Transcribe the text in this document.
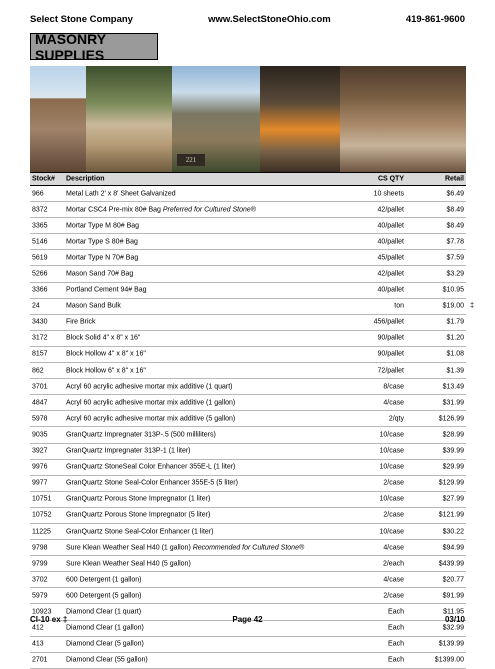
Select Stone Company	www.SelectStoneOhio.com	419-861-9600
MASONRY SUPPLIES
221
Stock# Description	CS QTY	Retail
966	Metal Lath 2' x 8' Sheet Galvanized	10 sheets	$6.49
8372	Mortar CSC4 Pre-mix 80# Bag Preferred for Cultured Stone®	42/pallet	$8.49
3365	Mortar Type M 80# Bag	40/pallet	$8.49
5146	Mortar Type S 80# Bag	40/pallet	$7.78
5619	Mortar Type N 70# Bag	45/pallet	$7.59
5266	Mason Sand 70# Bag	42/pallet	$3.29
3366	Portland Cement 94# Bag	40/pallet	$10.95
24	Mason Sand Bulk	ton	$19.00 ‡
3430	Fire Brick	456/pallet	$1.79
3172	Block Solid 4" x 8" x 16"	90/pallet	$1.20
8157	Block Hollow 4" x 8" x 16"	90/pallet	$1.08
862	Block Hollow 6" x 8" x 16"	72/pallet	$1.39
3701	Acryl 60 acrylic adhesive mortar mix additive (1 quart)	8/case	$13.49
4847	Acryl 60 acrylic adhesive mortar mix additive (1 gallon)	4/case	$31.99
5978	Acryl 60 acrylic adhesive mortar mix additive (5 gallon)	2/qty	$126.99
9035	GranQuartz Impregnater 313P-.5 (500 milliliters)	10/case	$28.99
3927	GranQuartz Impregnater 313P-1 (1 liter)	10/case	$39.99
9976	GranQuartz StoneSeal Color Enhancer 355E-L (1 liter)	10/case	$29.99
9977	GranQuartz Stone Seal-Color Enhancer 355E-5 (5 liter)	2/case	$129.99
10751 GranQuartz Porous Stone Impregnator (1 liter)	10/case	$27.99
10752 GranQuartz Porous Stone Impregnator (5 liter)	2/case	$121.99
11225 GranQuartz Stone Seal-Color Enhancer (1 liter)	10/case	$30.22
9798	Sure Klean Weather Seal H40 (1 gallon) Recommended for Cultured Stone®	4/case	$94.99
9799	Sure Klean Weather Seal H40 (5 gallon)	2/each	$439.99
3702	600 Detergent (1 gallon)	4/case	$20.77
5979	600 Detergent (5 gallon)	2/case	$91.99
10923 Diamond Clear (1 quart)	Each	$11.95
412	Diamond Clear (1 gallon)	Each	$32.99
413	Diamond Clear (5 gallon)	Each	$139.99
2701	Diamond Clear (55 gallon)	Each	$1399.00
CI-10 ex ‡	Page 42	03/10
